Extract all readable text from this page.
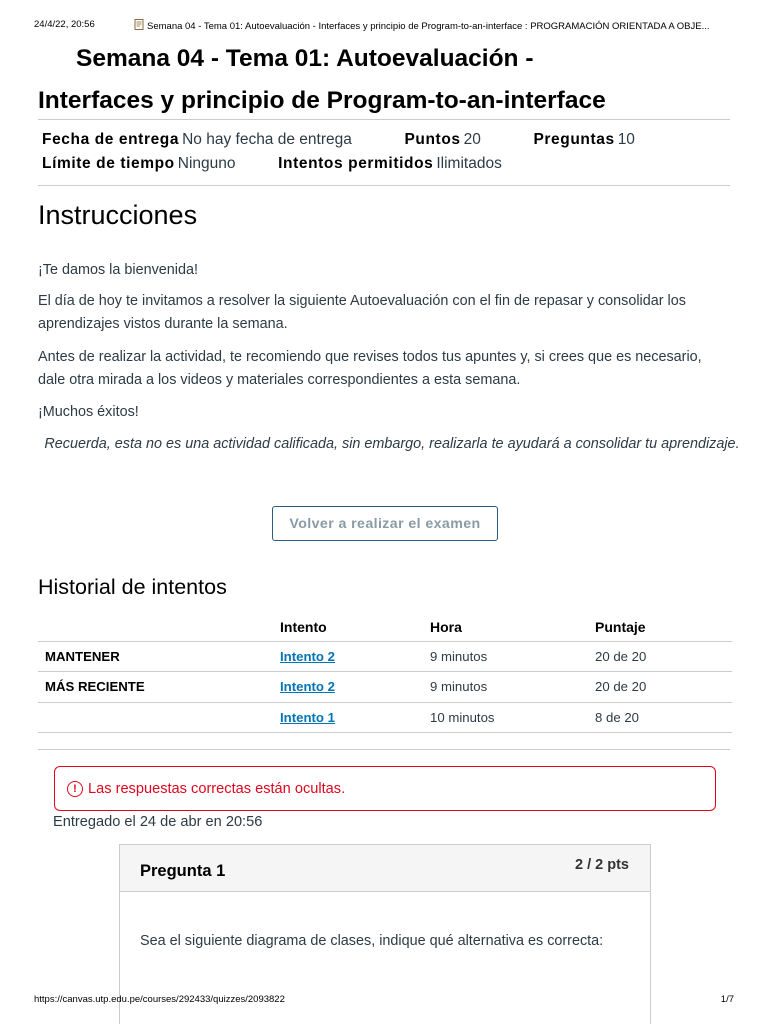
24/4/22, 20:56	Semana 04 - Tema 01: Autoevaluación - Interfaces y principio de Program-to-an-interface : PROGRAMACIÓN ORIENTADA A OBJE...
Semana 04 - Tema 01: Autoevaluación -
Interfaces y principio de Program-to-an-interface
Fecha de entrega No hay fecha de entrega	Puntos 20	Preguntas 10
Límite de tiempo Ninguno	Intentos permitidos Ilimitados
Instrucciones

¡Te damos la bienvenida!

El día de hoy te invitamos a resolver la siguiente Autoevaluación con el fin de repasar y consolidar los aprendizajes vistos durante la semana.

Antes de realizar la actividad, te recomiendo que revises todos tus apuntes y, si crees que es necesario, dale otra mirada a los videos y materiales correspondientes a esta semana.

¡Muchos éxitos!

Recuerda, esta no es una actividad calificada, sin embargo, realizarla te ayudará a consolidar tu aprendizaje.

Volver a realizar el examen
Historial de intentos
	Intento	Hora	Puntaje
MANTENER	Intento 2	9 minutos	20 de 20
MÁS RECIENTE	Intento 2	9 minutos	20 de 20
	Intento 1	10 minutos	8 de 20
! Las respuestas correctas están ocultas.
Entregado el 24 de abr en 20:56
Pregunta 1	2 / 2 pts
Sea el siguiente diagrama de clases, indique qué alternativa es correcta:
https://canvas.utp.edu.pe/courses/292433/quizzes/2093822	1/7
